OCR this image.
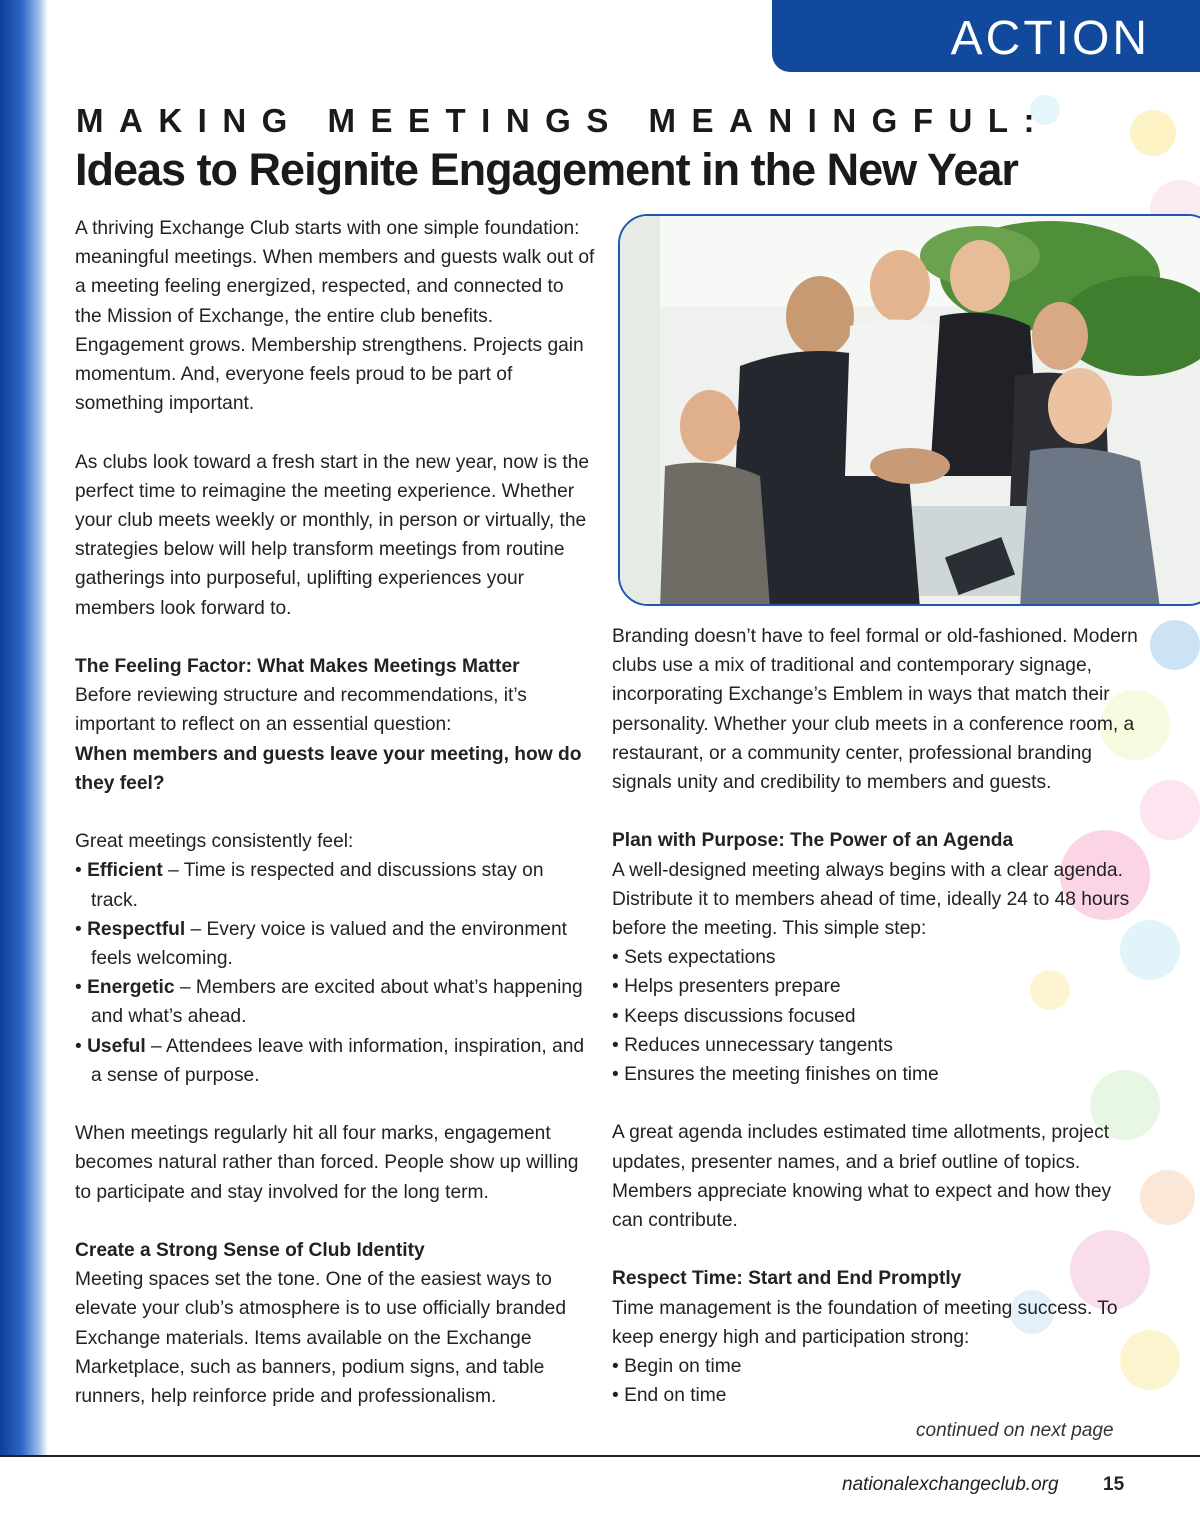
ACTION
MAKING MEETINGS MEANINGFUL:
Ideas to Reignite Engagement in the New Year

A thriving Exchange Club starts with one simple foundation: meaningful meetings. When members and guests walk out of a meeting feeling energized, respected, and connected to the Mission of Exchange, the entire club benefits. Engagement grows. Membership strengthens. Projects gain momentum. And, everyone feels proud to be part of something important.

As clubs look toward a fresh start in the new year, now is the perfect time to reimagine the meeting experience. Whether your club meets weekly or monthly, in person or virtually, the strategies below will help transform meetings from routine gatherings into purposeful, uplifting experiences your members look forward to.

The Feeling Factor: What Makes Meetings Matter
Before reviewing structure and recommendations, it’s important to reflect on an essential question:

When members and guests leave your meeting, how do they feel?

Great meetings consistently feel:
• Efficient – Time is respected and discussions stay on track.
• Respectful – Every voice is valued and the environment feels welcoming.
• Energetic – Members are excited about what’s happening and what’s ahead.
• Useful – Attendees leave with information, inspiration, and a sense of purpose.

When meetings regularly hit all four marks, engagement becomes natural rather than forced. People show up willing to participate and stay involved for the long term.

Create a Strong Sense of Club Identity
Meeting spaces set the tone. One of the easiest ways to elevate your club’s atmosphere is to use officially branded Exchange materials. Items available on the Exchange Marketplace, such as banners, podium signs, and table runners, help reinforce pride and professionalism.

Branding doesn’t have to feel formal or old-fashioned. Modern clubs use a mix of traditional and contemporary signage, incorporating Exchange’s Emblem in ways that match their personality. Whether your club meets in a conference room, a restaurant, or a community center, professional branding signals unity and credibility to members and guests.

Plan with Purpose: The Power of an Agenda
A well-designed meeting always begins with a clear agenda. Distribute it to members ahead of time, ideally 24 to 48 hours before the meeting. This simple step:
• Sets expectations
• Helps presenters prepare
• Keeps discussions focused
• Reduces unnecessary tangents
• Ensures the meeting finishes on time

A great agenda includes estimated time allotments, project updates, presenter names, and a brief outline of topics. Members appreciate knowing what to expect and how they can contribute.

Respect Time: Start and End Promptly
Time management is the foundation of meeting success. To keep energy high and participation strong:
• Begin on time
• End on time
continued on next page
nationalexchangeclub.org 15
